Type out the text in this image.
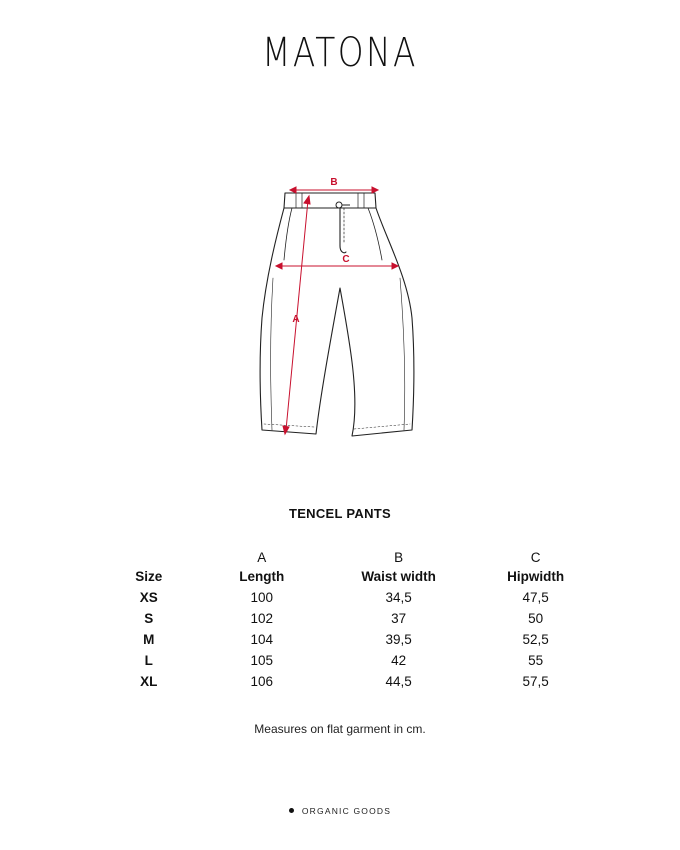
MATONA
B
C
A
TENCEL PANTS
	A	B	C
Size	Length	Waist width	Hipwidth
XS	100	34,5	47,5
S	102	37	50
M	104	39,5	52,5
L	105	42	55
XL	106	44,5	57,5
Measures on flat garment in cm.
ORGANIC GOODS
